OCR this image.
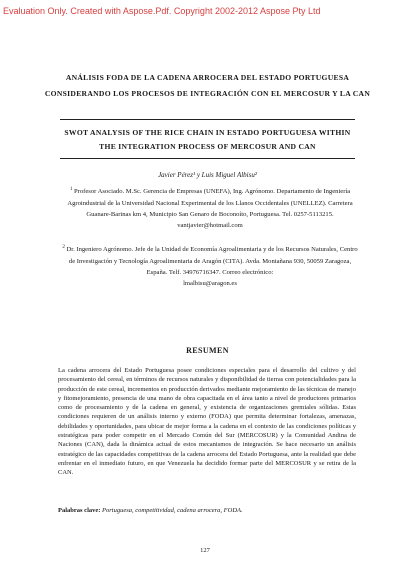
Evaluation Only. Created with Aspose.Pdf. Copyright 2002-2012 Aspose Pty Ltd
ANÁLISIS FODA DE LA CADENA ARROCERA DEL ESTADO PORTUGUESA CONSIDERANDO LOS PROCESOS DE INTEGRACIÓN CON EL MERCOSUR Y LA CAN
SWOT ANALYSIS OF THE RICE CHAIN IN ESTADO PORTUGUESA WITHIN THE INTEGRATION PROCESS OF MERCOSUR AND CAN
Javier Pérez¹ y Luis Miguel Albisu²
$^1$ Profesor Asociado. M.Sc. Gerencia de Empresas (UNEFA), Ing. Agrónomo. Departamento de Ingeniería Agroindustrial de la Universidad Nacional Experimental de los Llanos Occidentales (UNELLEZ). Carretera Guanare-Barinas km 4, Municipio San Genaro de Boconoíto, Portuguesa. Tel. 0257-5113215.
vantjavier@hotmail.com
$^2$ Dr. Ingeniero Agrónomo. Jefe de la Unidad de Economía Agroalimentaria y de los Recursos Naturales, Centro de Investigación y Tecnología Agroalimentaria de Aragón (CITA). Avda. Montañana 930, 50059 Zaragoza, España. Telf. 34976716347. Correo electrónico:
lmalbisu@aragon.es
RESUMEN
La cadena arrocera del Estado Portuguesa posee condiciones especiales para el desarrollo del cultivo y del procesamiento del cereal, en términos de recursos naturales y disponibilidad de tierras con potencialidades para la producción de este cereal, incrementos en producción derivados mediante mejoramiento de las técnicas de manejo y fitomejoramiento, presencia de una mano de obra capacitada en el área tanto a nivel de productores primarios como de procesamiento y de la cadena en general, y existencia de organizaciones gremiales sólidas. Estas condiciones requieren de un análisis interno y externo (FODA) que permita determinar fortalezas, amenazas, debilidades y oportunidades, para ubicar de mejor forma a la cadena en el contexto de las condiciones políticas y estratégicas para poder competir en el Mercado Común del Sur (MERCOSUR) y la Comunidad Andina de Naciones (CAN), dada la dinámica actual de estos mecanismos de integración. Se hace necesario un análisis estratégico de las capacidades competitivas de la cadena arrocera del Estado Portuguesa, ante la realidad que debe enfrentar en el inmediato futuro, en que Venezuela ha decidido formar parte del MERCOSUR y se retira de la CAN.
Palabras clave: Portuguesa, competitividad, cadena arrocera, FODA.
127
